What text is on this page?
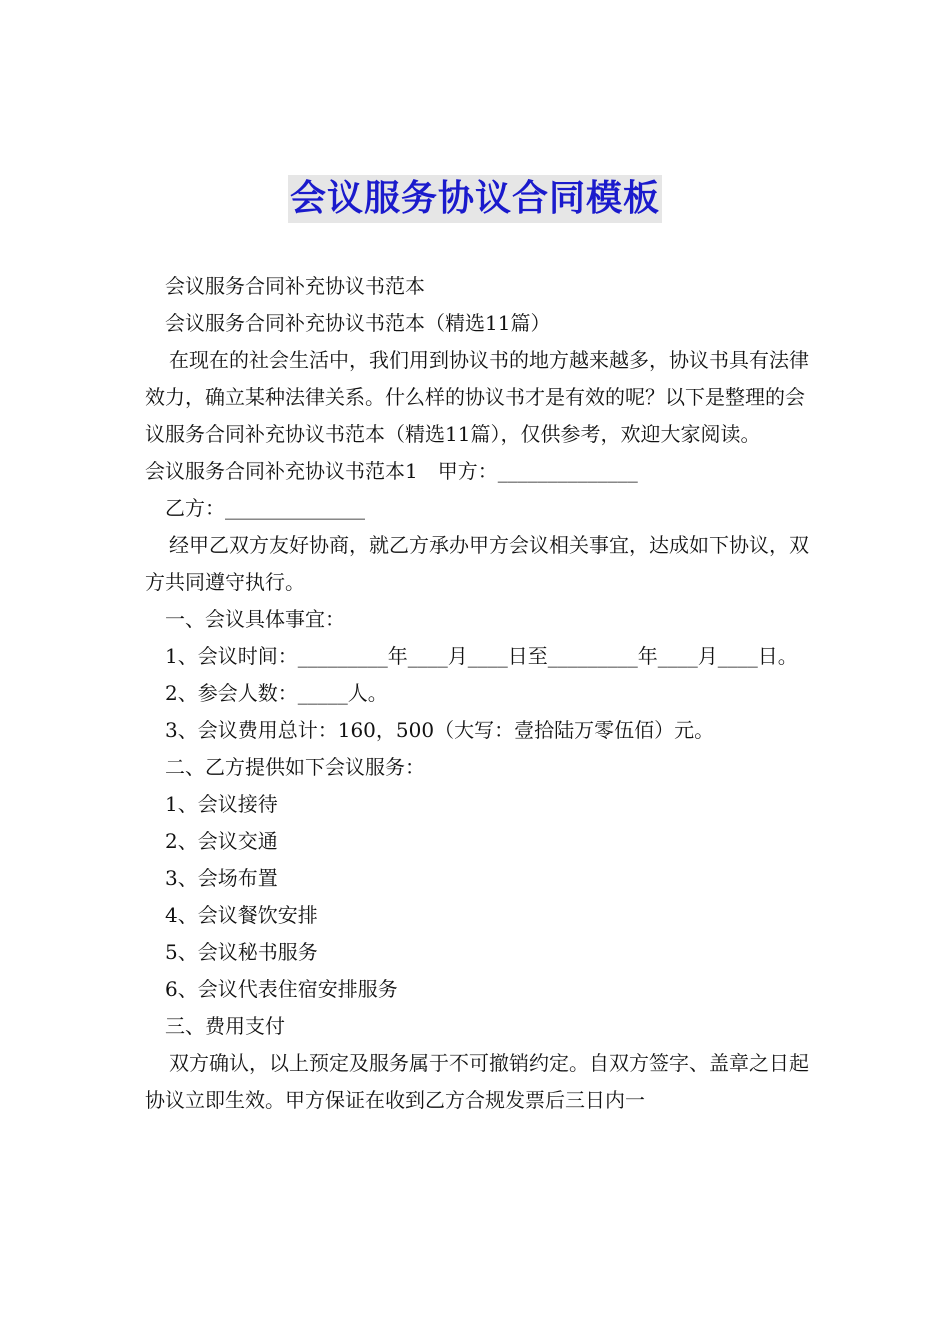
会议服务协议合同模板

会议服务合同补充协议书范本

会议服务合同补充协议书范本（精选11篇）

在现在的社会生活中，我们用到协议书的地方越来越多，协议书具有法律效力，确立某种法律关系。什么样的协议书才是有效的呢？以下是整理的会议服务合同补充协议书范本（精选11篇），仅供参考，欢迎大家阅读。

会议服务合同补充协议书范本1　甲方：______________

乙方：______________

经甲乙双方友好协商，就乙方承办甲方会议相关事宜，达成如下协议，双方共同遵守执行。

一、会议具体事宜：

1、会议时间：_________年____月____日至_________年____月____日。

2、参会人数：_____人。

3、会议费用总计：160，500（大写：壹拾陆万零伍佰）元。

二、乙方提供如下会议服务：

1、会议接待

2、会议交通

3、会场布置

4、会议餐饮安排

5、会议秘书服务

6、会议代表住宿安排服务

三、费用支付

双方确认，以上预定及服务属于不可撤销约定。自双方签字、盖章之日起协议立即生效。甲方保证在收到乙方合规发票后三日内一
